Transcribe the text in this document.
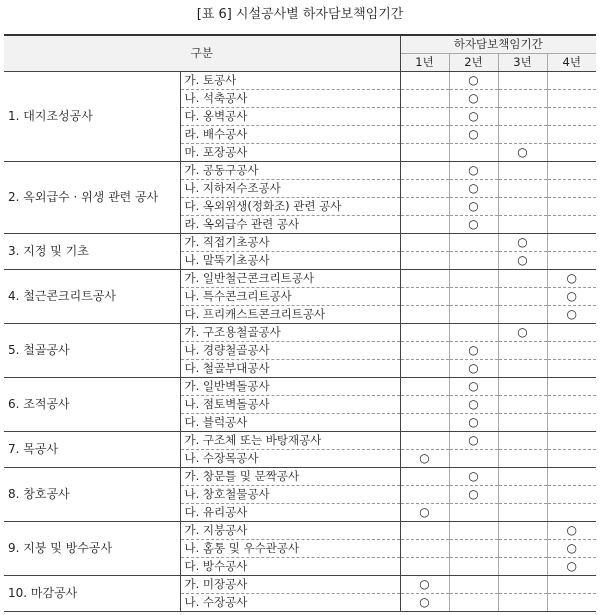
[표 6] 시설공사별 하자담보책임기간
구분		하자담보책임기간			
		1년	2년	3년	4년
1. 대지조성공사	가. 토공사		○		
	나. 석축공사		○		
	다. 옹벽공사		○		
	라. 배수공사		○		
	마. 포장공사			○	
2. 옥외급수 · 위생 관련 공사	가. 공동구공사		○		
	나. 지하저수조공사		○		
	다. 옥외위생(정화조) 관련 공사		○		
	라. 옥외급수 관련 공사		○		
3. 지정 및 기초	가. 직접기초공사			○	
	나. 말뚝기초공사			○	
4. 철근콘크리트공사	가. 일반철근콘크리트공사				○
	나. 특수콘크리트공사				○
	다. 프리캐스트콘크리트공사				○
5. 철골공사	가. 구조용철골공사			○	
	나. 경량철골공사		○		
	다. 철골부대공사		○		
6. 조적공사	가. 일반벽돌공사		○		
	나. 점토벽돌공사		○		
	다. 블럭공사		○		
7. 목공사	가. 구조체 또는 바탕재공사		○		
	나. 수장목공사	○			
8. 창호공사	가. 창문틀 및 문짝공사		○		
	나. 창호철물공사		○		
	다. 유리공사	○			
9. 지붕 및 방수공사	가. 지붕공사				○
	나. 홈통 및 우수관공사				○
	다. 방수공사				○
10. 마감공사	가. 미장공사	○			
	나. 수장공사	○			
